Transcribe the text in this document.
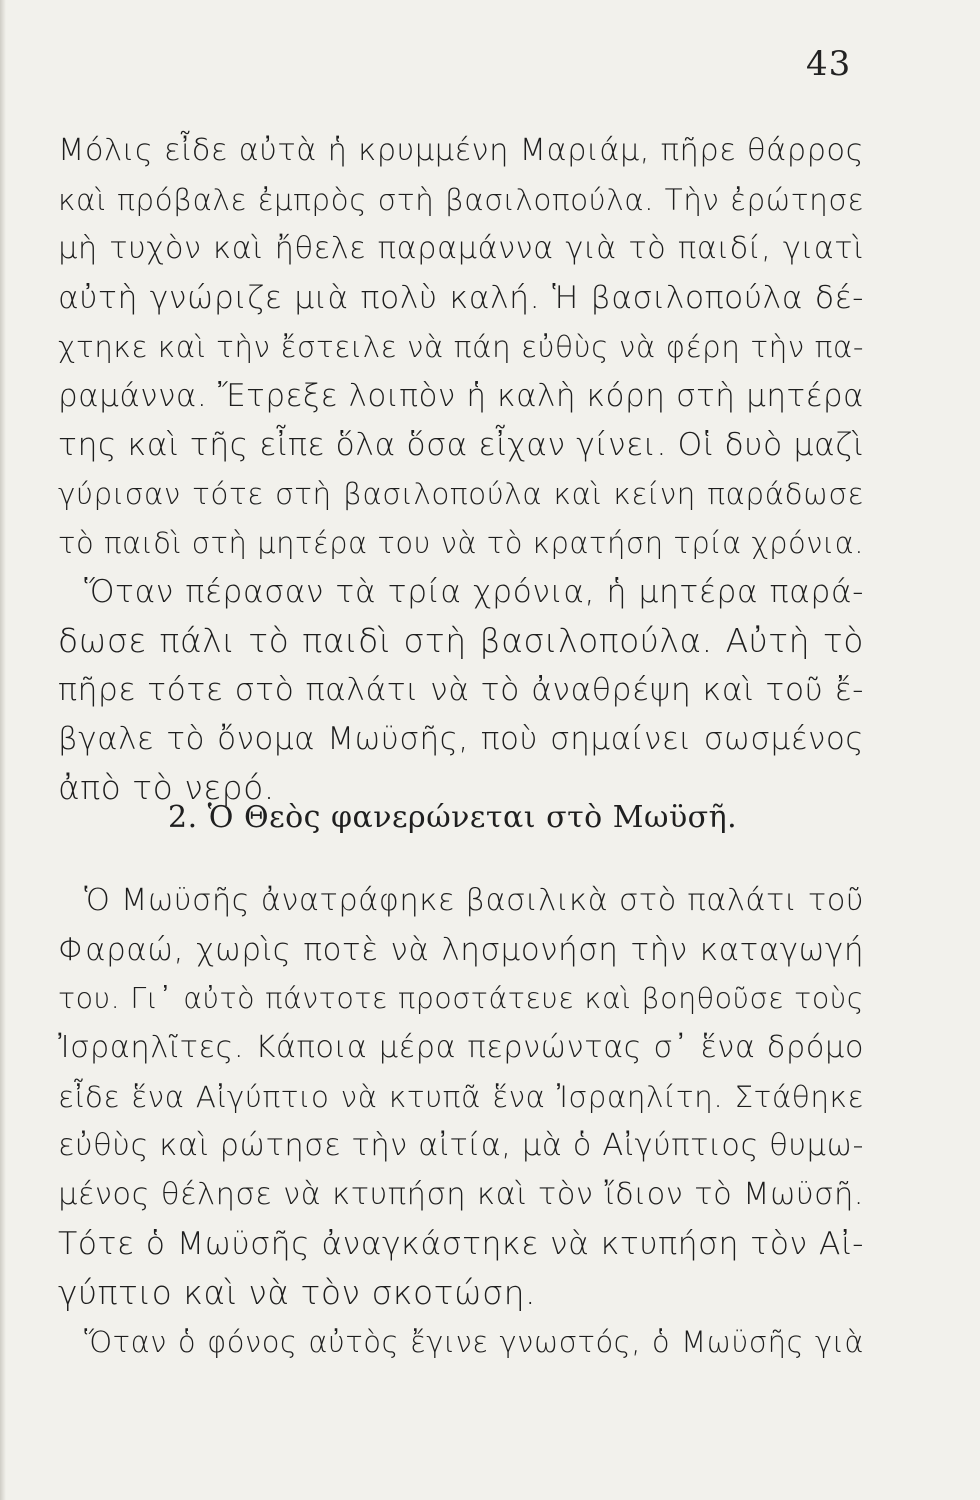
43
Μόλις εἶδε αὐτὰ ἡ κρυμμένη Μαριάμ, πῆρε θάρρος
καὶ πρόβαλε ἐμπρὸς στὴ βασιλοπούλα. Τὴν ἐρώτησε
μὴ τυχὸν καὶ ἤθελε παραμάννα γιὰ τὸ παιδί, γιατὶ
αὐτὴ γνώριζε μιὰ πολὺ καλή. Ἡ βασιλοπούλα δέ-
χτηκε καὶ τὴν ἔστειλε νὰ πάη εὐθὺς νὰ φέρη τὴν πα-
ραμάννα. Ἔτρεξε λοιπὸν ἡ καλὴ κόρη στὴ μητέρα
της καὶ τῆς εἶπε ὅλα ὅσα εἶχαν γίνει. Οἱ δυὸ μαζὶ
γύρισαν τότε στὴ βασιλοπούλα καὶ κείνη παράδωσε
τὸ παιδὶ στὴ μητέρα του νὰ τὸ κρατήση τρία χρόνια.
Ὅταν πέρασαν τὰ τρία χρόνια, ἡ μητέρα παρά-
δωσε πάλι τὸ παιδὶ στὴ βασιλοπούλα. Αὐτὴ τὸ
πῆρε τότε στὸ παλάτι νὰ τὸ ἀναθρέψη καὶ τοῦ ἔ-
βγαλε τὸ ὄνομα Μωϋσῆς, ποὺ σημαίνει σωσμένος
ἀπὸ τὸ νερό.
2. Ὁ Θεὸς φανερώνεται στὸ Μωϋσῆ.
Ὁ Μωϋσῆς ἀνατράφηκε βασιλικὰ στὸ παλάτι τοῦ
Φαραώ, χωρὶς ποτὲ νὰ λησμονήση τὴν καταγωγή
του. Γι᾽ αὐτὸ πάντοτε προστάτευε καὶ βοηθοῦσε τοὺς
Ἰσραηλῖτες. Κάποια μέρα περνώντας σ᾽ ἕνα δρόμο
εἶδε ἕνα Αἰγύπτιο νὰ κτυπᾶ ἕνα Ἰσραηλίτη. Στάθηκε
εὐθὺς καὶ ρώτησε τὴν αἰτία, μὰ ὁ Αἰγύπτιος θυμω-
μένος θέλησε νὰ κτυπήση καὶ τὸν ἴδιον τὸ Μωϋσῆ.
Τότε ὁ Μωϋσῆς ἀναγκάστηκε νὰ κτυπήση τὸν Αἰ-
γύπτιο καὶ νὰ τὸν σκοτώση.
Ὅταν ὁ φόνος αὐτὸς ἔγινε γνωστός, ὁ Μωϋσῆς γιὰ
